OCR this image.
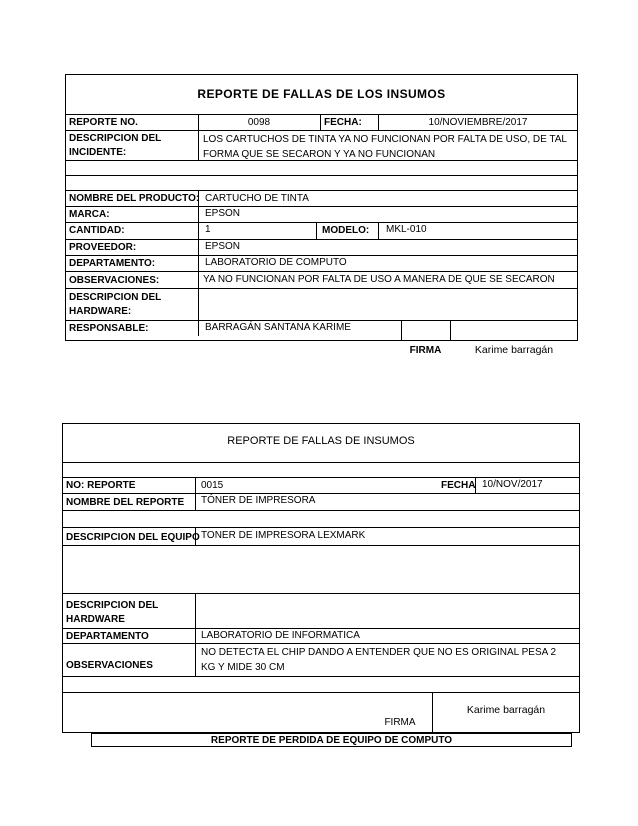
REPORTE DE FALLAS DE LOS INSUMOS
REPORTE NO.	0098	FECHA:	10/NOVIEMBRE/2017
DESCRIPCION DEL
INCIDENTE:
LOS CARTUCHOS DE TINTA YA NO FUNCIONAN POR FALTA DE USO, DE TAL FORMA QUE SE SECARON Y YA NO FUNCIONAN
NOMBRE DEL PRODUCTO: CARTUCHO DE TINTA
MARCA:	EPSON
CANTIDAD:	1	MODELO: MKL-010
PROVEEDOR:	EPSON
DEPARTAMENTO:	LABORATORIO DE COMPUTO
OBSERVACIONES:	YA NO FUNCIONAN POR FALTA DE USO A MANERA DE QUE SE SECARON
DESCRIPCION DEL
HARDWARE:
RESPONSABLE:	BARRAGÁN SANTANA KARIME
FIRMA	Karime barragán
REPORTE DE FALLAS DE INSUMOS
NO: REPORTE	0015	FECHA 10/NOV/2017
NOMBRE DEL REPORTE TÓNER DE IMPRESORA
DESCRIPCION DEL EQUIPO TONER DE IMPRESORA LEXMARK
DESCRIPCION DEL
HARDWARE
DEPARTAMENTO	LABORATORIO DE INFORMATICA
OBSERVACIONES
NO DETECTA EL CHIP DANDO A ENTENDER QUE NO ES ORIGINAL PESA 2 KG Y MIDE 30 CM
FIRMA
Karime barragán
REPORTE DE PERDIDA DE EQUIPO DE COMPUTO
